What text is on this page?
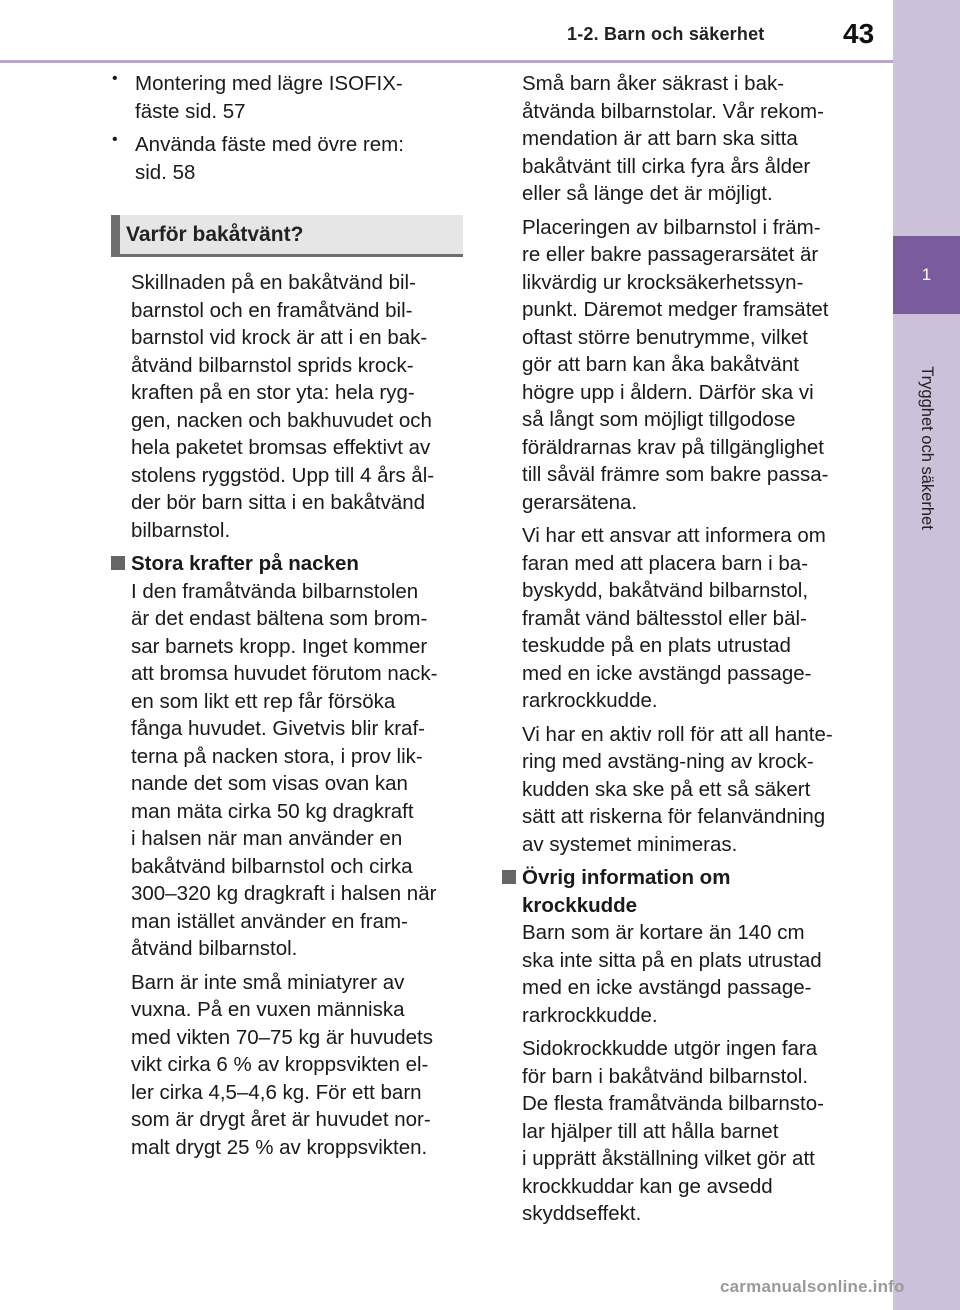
1-2. Barn och säkerhet	43
1
Trygghet och säkerhet
• Montering med lägre ISOFIX-

fäste sid. 57

• Använda fäste med övre rem:

sid. 58

Varför bakåtvänt?

Skillnaden på en bakåtvänd bil-

barnstol och en framåtvänd bil-

barnstol vid krock är att i en bak-

åtvänd bilbarnstol sprids krock-

kraften på en stor yta: hela ryg-

gen, nacken och bakhuvudet och

hela paketet bromsas effektivt av

stolens ryggstöd. Upp till 4 års ål-

der bör barn sitta i en bakåtvänd

bilbarnstol.

Stora krafter på nacken

I den framåtvända bilbarnstolen

är det endast bältena som brom-

sar barnets kropp. Inget kommer

att bromsa huvudet förutom nack-

en som likt ett rep får försöka

fånga huvudet. Givetvis blir kraf-

terna på nacken stora, i prov lik-

nande det som visas ovan kan

man mäta cirka 50 kg dragkraft

i halsen när man använder en

bakåtvänd bilbarnstol och cirka

300–320 kg dragkraft i halsen när

man istället använder en fram-

åtvänd bilbarnstol.

Barn är inte små miniatyrer av

vuxna. På en vuxen människa

med vikten 70–75 kg är huvudets

vikt cirka 6 % av kroppsvikten el-

ler cirka 4,5–4,6 kg. För ett barn

som är drygt året är huvudet nor-

malt drygt 25 % av kroppsvikten.

Små barn åker säkrast i bak-

åtvända bilbarnstolar. Vår rekom-

mendation är att barn ska sitta

bakåtvänt till cirka fyra års ålder

eller så länge det är möjligt.

Placeringen av bilbarnstol i främ-

re eller bakre passagerarsätet är

likvärdig ur krocksäkerhetssyn-

punkt. Däremot medger framsätet

oftast större benutrymme, vilket

gör att barn kan åka bakåtvänt

högre upp i åldern. Därför ska vi

så långt som möjligt tillgodose

föräldrarnas krav på tillgänglighet

till såväl främre som bakre passa-

gerarsätena.

Vi har ett ansvar att informera om

faran med att placera barn i ba-

byskydd, bakåtvänd bilbarnstol,

framåt vänd bältesstol eller bäl-

teskudde på en plats utrustad

med en icke avstängd passage-

rarkrockkudde.

Vi har en aktiv roll för att all hante-

ring med avstäng-ning av krock-

kudden ska ske på ett så säkert

sätt att riskerna för felanvändning

av systemet minimeras.

Övrig information om

krockkudde

Barn som är kortare än 140 cm

ska inte sitta på en plats utrustad

med en icke avstängd passage-

rarkrockkudde.

Sidokrockkudde utgör ingen fara

för barn i bakåtvänd bilbarnstol.

De flesta framåtvända bilbarnsto-

lar hjälper till att hålla barnet

i upprätt åkställning vilket gör att

krockkuddar kan ge avsedd

skyddseffekt.

carmanualsonline.info
